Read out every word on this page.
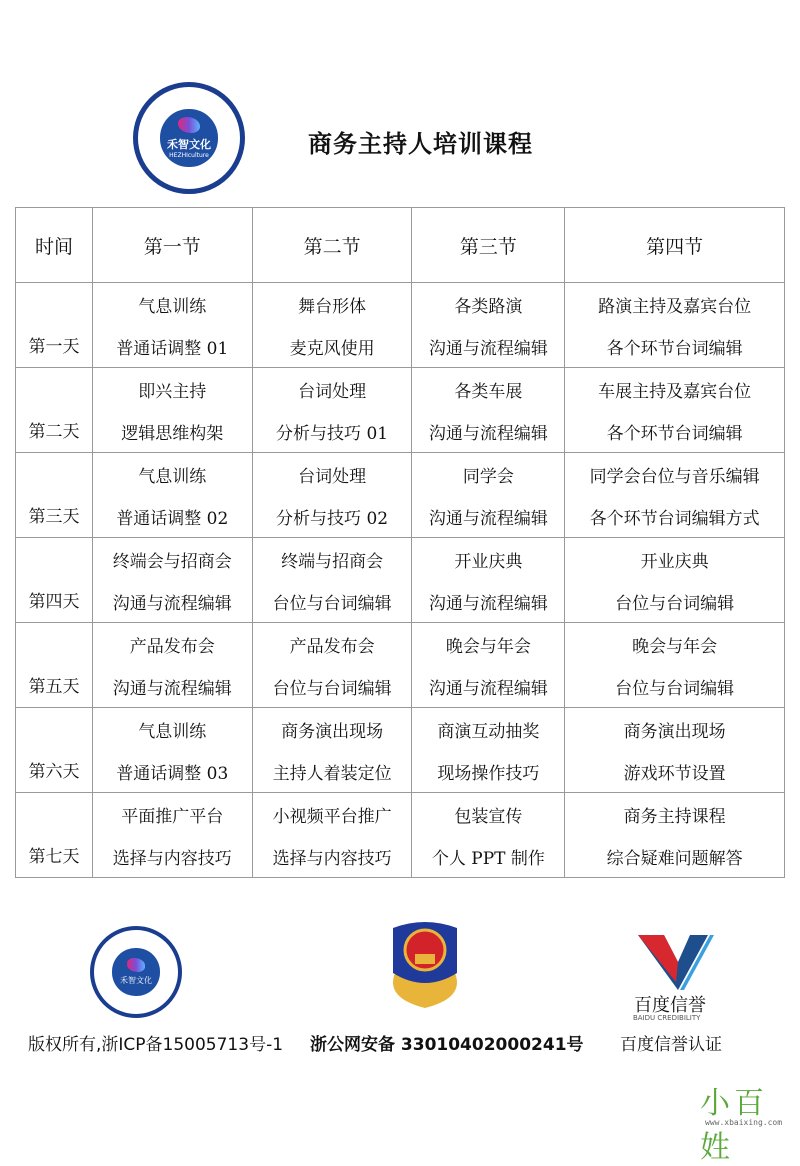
禾智文化
HEZHIculture	商务主持人培训课程
时间	第一节	第二节	第三节	第四节
第一天	气息训练	舞台形体	各类路演	路演主持及嘉宾台位
	普通话调整 01	麦克风使用	沟通与流程编辑	各个环节台词编辑
第二天	即兴主持	台词处理	各类车展	车展主持及嘉宾台位
	逻辑思维构架	分析与技巧 01	沟通与流程编辑	各个环节台词编辑
第三天	气息训练	台词处理	同学会	同学会台位与音乐编辑
	普通话调整 02	分析与技巧 02	沟通与流程编辑	各个环节台词编辑方式
第四天	终端会与招商会	终端与招商会	开业庆典	开业庆典
	沟通与流程编辑	台位与台词编辑	沟通与流程编辑	台位与台词编辑
第五天	产品发布会	产品发布会	晚会与年会	晚会与年会
	沟通与流程编辑	台位与台词编辑	沟通与流程编辑	台位与台词编辑
第六天	气息训练	商务演出现场	商演互动抽奖	商务演出现场
	普通话调整 03	主持人着装定位	现场操作技巧	游戏环节设置
第七天	平面推广平台	小视频平台推广	包装宣传	商务主持课程
	选择与内容技巧	选择与内容技巧	个人 PPT 制作	综合疑难问题解答
禾智文化
版权所有,浙ICP备15005713号-1 浙公网安备 33010402000241号
百度信誉
BAIDU CREDIBILITY
百度信誉认证
小百姓
www.xbaixing.com
